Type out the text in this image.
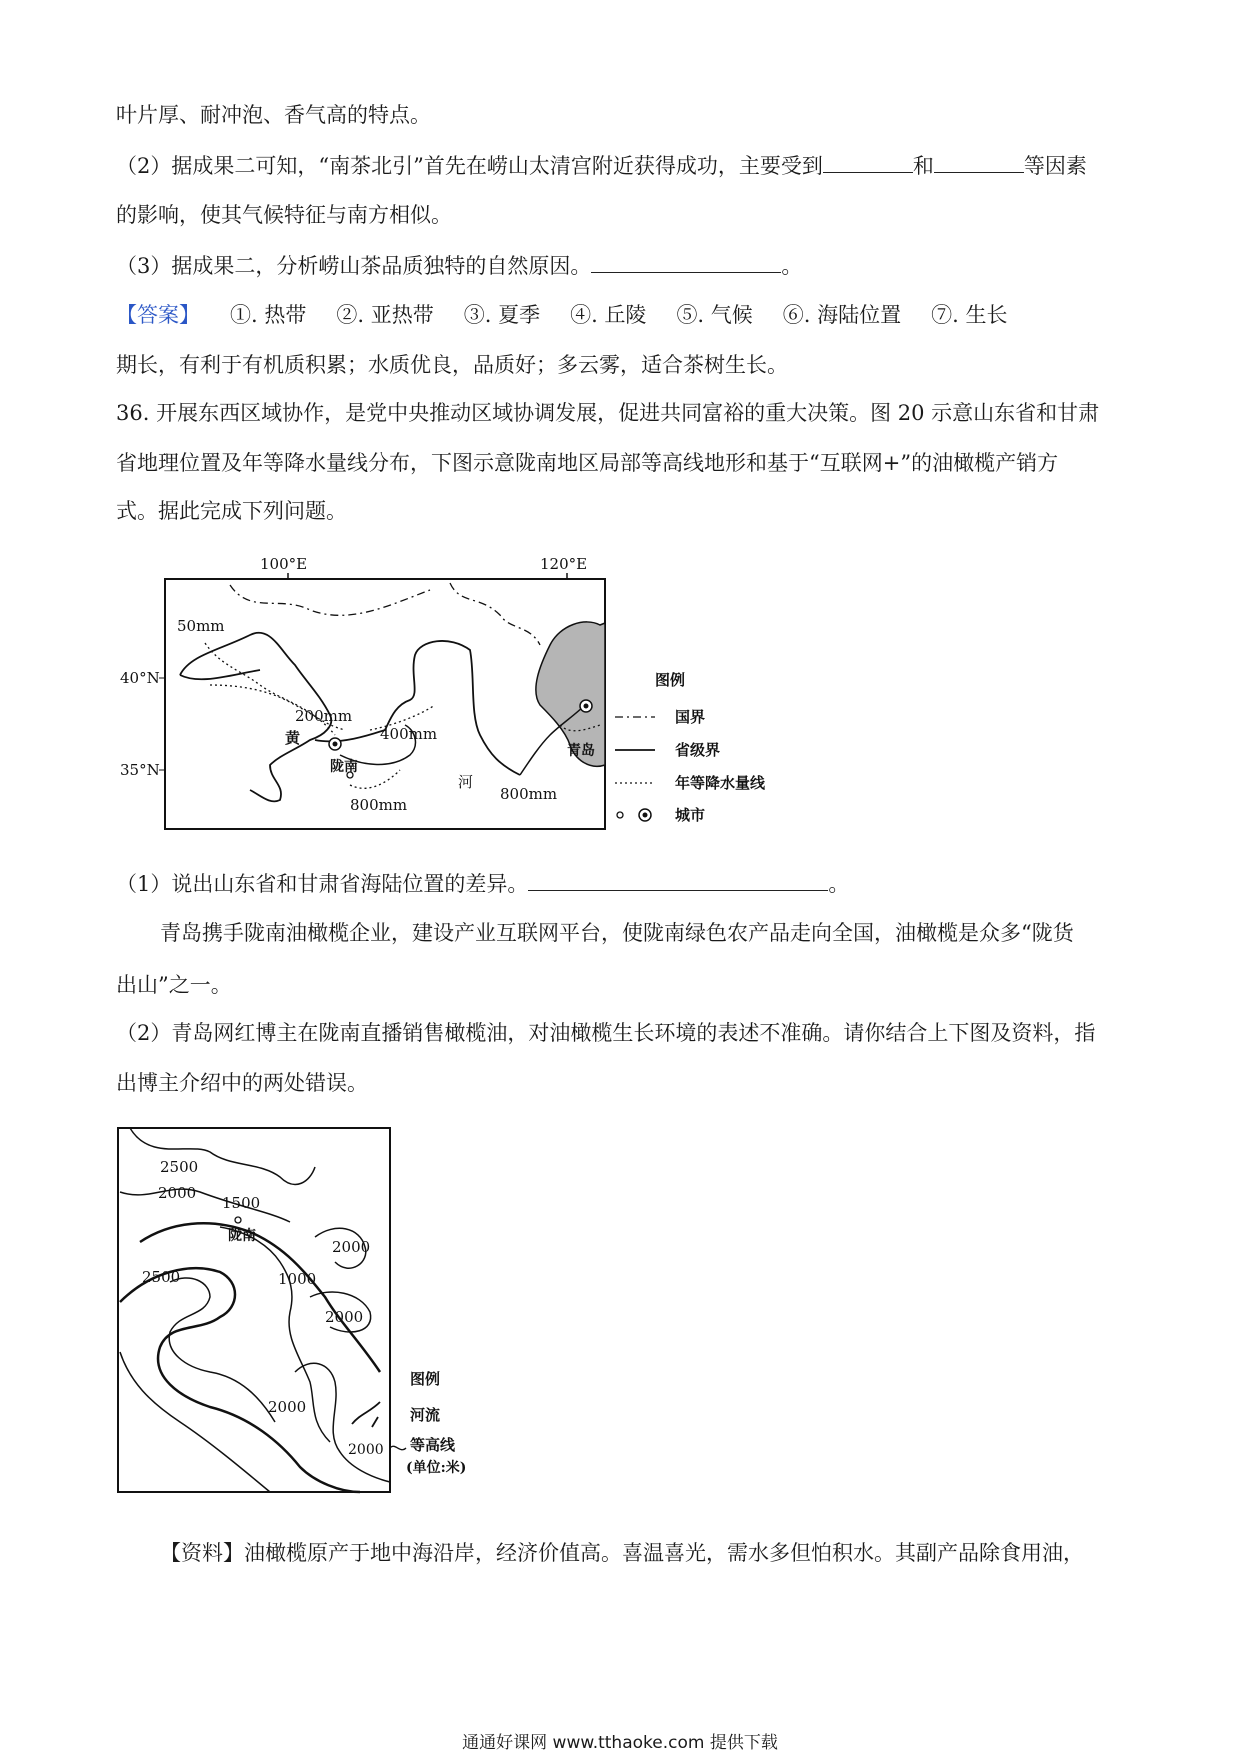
叶片厚、耐冲泡、香气高的特点。
（2）据成果二可知，“南茶北引”首先在崂山太清宫附近获得成功，主要受到	和	等因素
的影响，使其气候特征与南方相似。
（3）据成果二，分析崂山茶品质独特的自然原因。	。
【答案】 ①. 热带 ②. 亚热带 ③. 夏季 ④. 丘陵 ⑤. 气候 ⑥. 海陆位置 ⑦. 生长
期长，有利于有机质积累；水质优良，品质好；多云雾，适合茶树生长。
36. 开展东西区域协作，是党中央推动区域协调发展，促进共同富裕的重大决策。图 20 示意山东省和甘肃
省地理位置及年等降水量线分布，下图示意陇南地区局部等高线地形和基于“互联网+”的油橄榄产销方
式。据此完成下列问题。
100°E	120°E
40°N
35°N
50mm
200mm
400mm
800mm
800mm
黄
河
陇南
青岛
图例
国界
省级界
年等降水量线
城市
（1）说出山东省和甘肃省海陆位置的差异。	。
青岛携手陇南油橄榄企业，建设产业互联网平台，使陇南绿色农产品走向全国，油橄榄是众多“陇货
出山”之一。
（2）青岛网红博主在陇南直播销售橄榄油，对油橄榄生长环境的表述不准确。请你结合上下图及资料，指
出博主介绍中的两处错误。
2500
2000
1500
陇南
2000
2500	1000
2000
2000
图例
河流
2000 等高线
(单位:米)
【资料】油橄榄原产于地中海沿岸，经济价值高。喜温喜光，需水多但怕积水。其副产品除食用油，
通通好课网 www.tthaoke.com 提供下载
